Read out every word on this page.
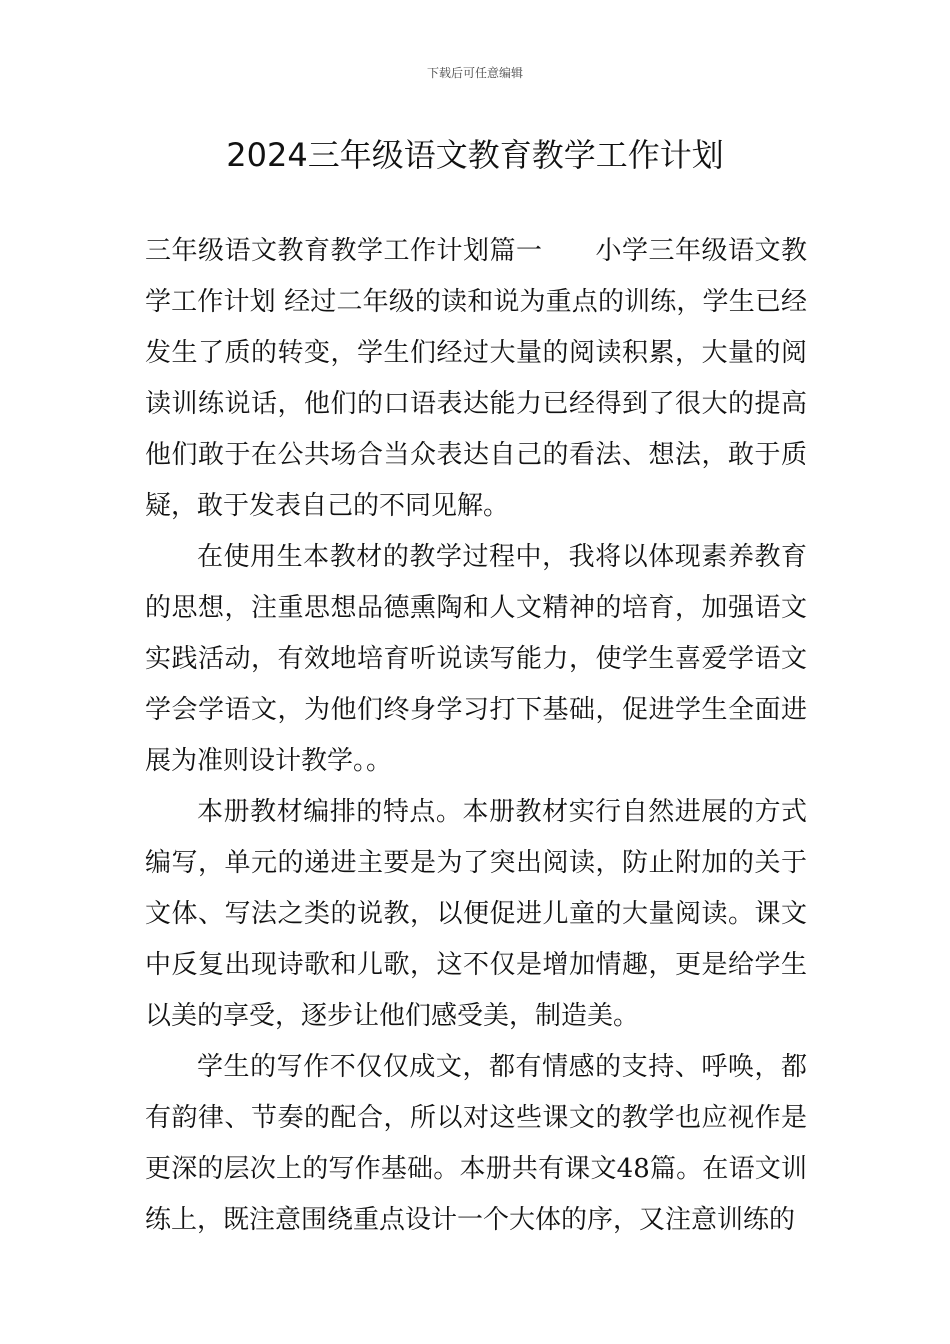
下载后可任意编辑
2024三年级语文教育教学工作计划

三年级语文教育教学工作计划篇一　　小学三年级语文教学工作计划 经过二年级的读和说为重点的训练，学生已经发生了质的转变，学生们经过大量的阅读积累，大量的阅读训练说话，他们的口语表达能力已经得到了很大的提高他们敢于在公共场合当众表达自己的看法、想法，敢于质疑，敢于发表自己的不同见解。

在使用生本教材的教学过程中，我将以体现素养教育的思想，注重思想品德熏陶和人文精神的培育，加强语文实践活动，有效地培育听说读写能力，使学生喜爱学语文学会学语文，为他们终身学习打下基础，促进学生全面进展为准则设计教学。。

本册教材编排的特点。本册教材实行自然进展的方式编写，单元的递进主要是为了突出阅读，防止附加的关于文体、写法之类的说教，以便促进儿童的大量阅读。课文中反复出现诗歌和儿歌，这不仅是增加情趣，更是给学生以美的享受，逐步让他们感受美，制造美。

学生的写作不仅仅成文，都有情感的支持、呼唤，都有韵律、节奏的配合，所以对这些课文的教学也应视作是更深的层次上的写作基础。本册共有课文48篇。在语文训练上，既注意围绕重点设计一个大体的序，又注意训练的
